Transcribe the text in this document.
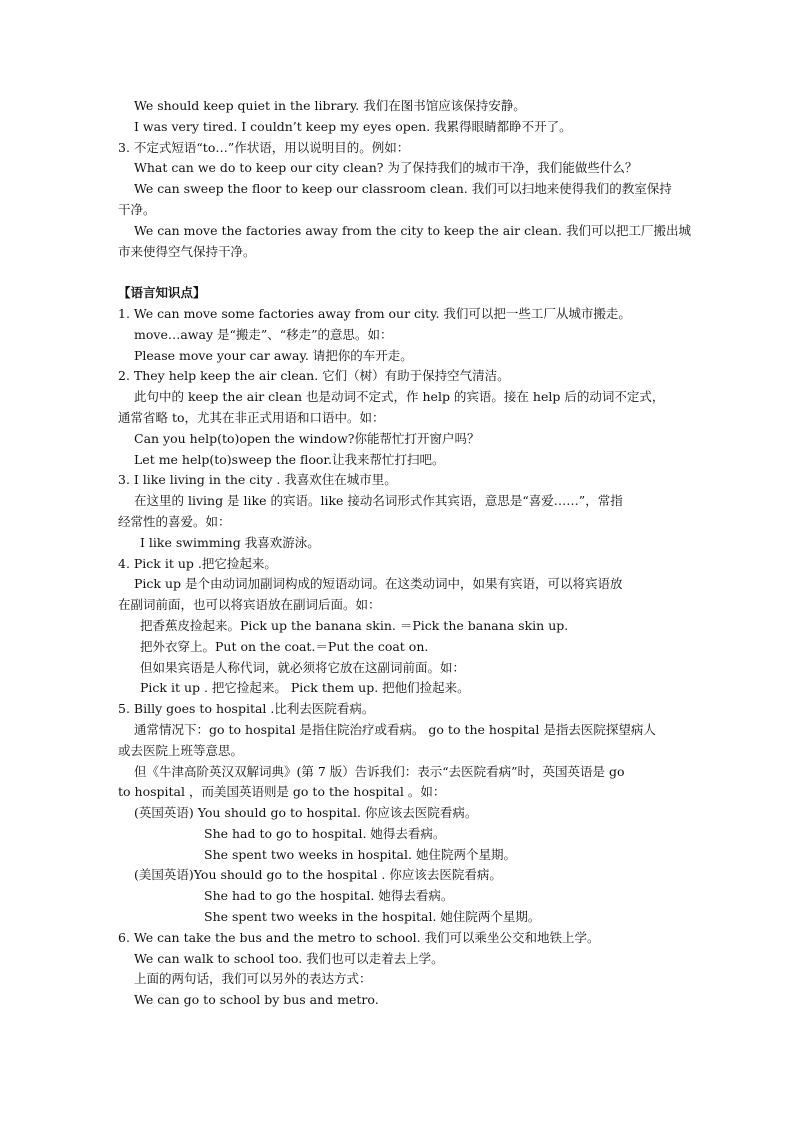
We should keep quiet in the library. 我们在图书馆应该保持安静。
I was very tired. I couldn’t keep my eyes open. 我累得眼睛都睁不开了。
3. 不定式短语“to…”作状语，用以说明目的。例如：
What can we do to keep our city clean? 为了保持我们的城市干净，我们能做些什么？
We can sweep the floor to keep our classroom clean. 我们可以扫地来使得我们的教室保持
干净。
We can move the factories away from the city to keep the air clean. 我们可以把工厂搬出城
市来使得空气保持干净。
【语言知识点】
1. We can move some factories away from our city. 我们可以把一些工厂从城市搬走。
move…away 是“搬走”、“移走”的意思。如：
Please move your car away. 请把你的车开走。
2. They help keep the air clean. 它们（树）有助于保持空气清洁。
此句中的 keep the air clean 也是动词不定式，作 help 的宾语。接在 help 后的动词不定式，
通常省略 to，尤其在非正式用语和口语中。如：
Can you help(to)open the window?你能帮忙打开窗户吗？
Let me help(to)sweep the floor.让我来帮忙打扫吧。
3. I like living in the city . 我喜欢住在城市里。
在这里的 living 是 like 的宾语。like 接动名词形式作其宾语，意思是“喜爱……”，常指
经常性的喜爱。如：
I like swimming 我喜欢游泳。
4. Pick it up .把它捡起来。
Pick up 是个由动词加副词构成的短语动词。在这类动词中，如果有宾语，可以将宾语放
在副词前面，也可以将宾语放在副词后面。如：
把香蕉皮捡起来。Pick up the banana skin. ＝Pick the banana skin up.
把外衣穿上。Put on the coat.＝Put the coat on.
但如果宾语是人称代词，就必须将它放在这副词前面。如：
Pick it up . 把它捡起来。 Pick them up. 把他们捡起来。
5. Billy goes to hospital .比利去医院看病。
通常情况下：go to hospital 是指住院治疗或看病。 go to the hospital 是指去医院探望病人
或去医院上班等意思。
但《牛津高阶英汉双解词典》(第 7 版）告诉我们：表示“去医院看病”时，英国英语是 go
to hospital ，而美国英语则是 go to the hospital 。如：
(英国英语) You should go to hospital. 你应该去医院看病。
She had to go to hospital. 她得去看病。
She spent two weeks in hospital. 她住院两个星期。
(美国英语)You should go to the hospital . 你应该去医院看病。
She had to go the hospital. 她得去看病。
She spent two weeks in the hospital. 她住院两个星期。
6. We can take the bus and the metro to school. 我们可以乘坐公交和地铁上学。
We can walk to school too. 我们也可以走着去上学。
上面的两句话，我们可以另外的表达方式：
We can go to school by bus and metro.
